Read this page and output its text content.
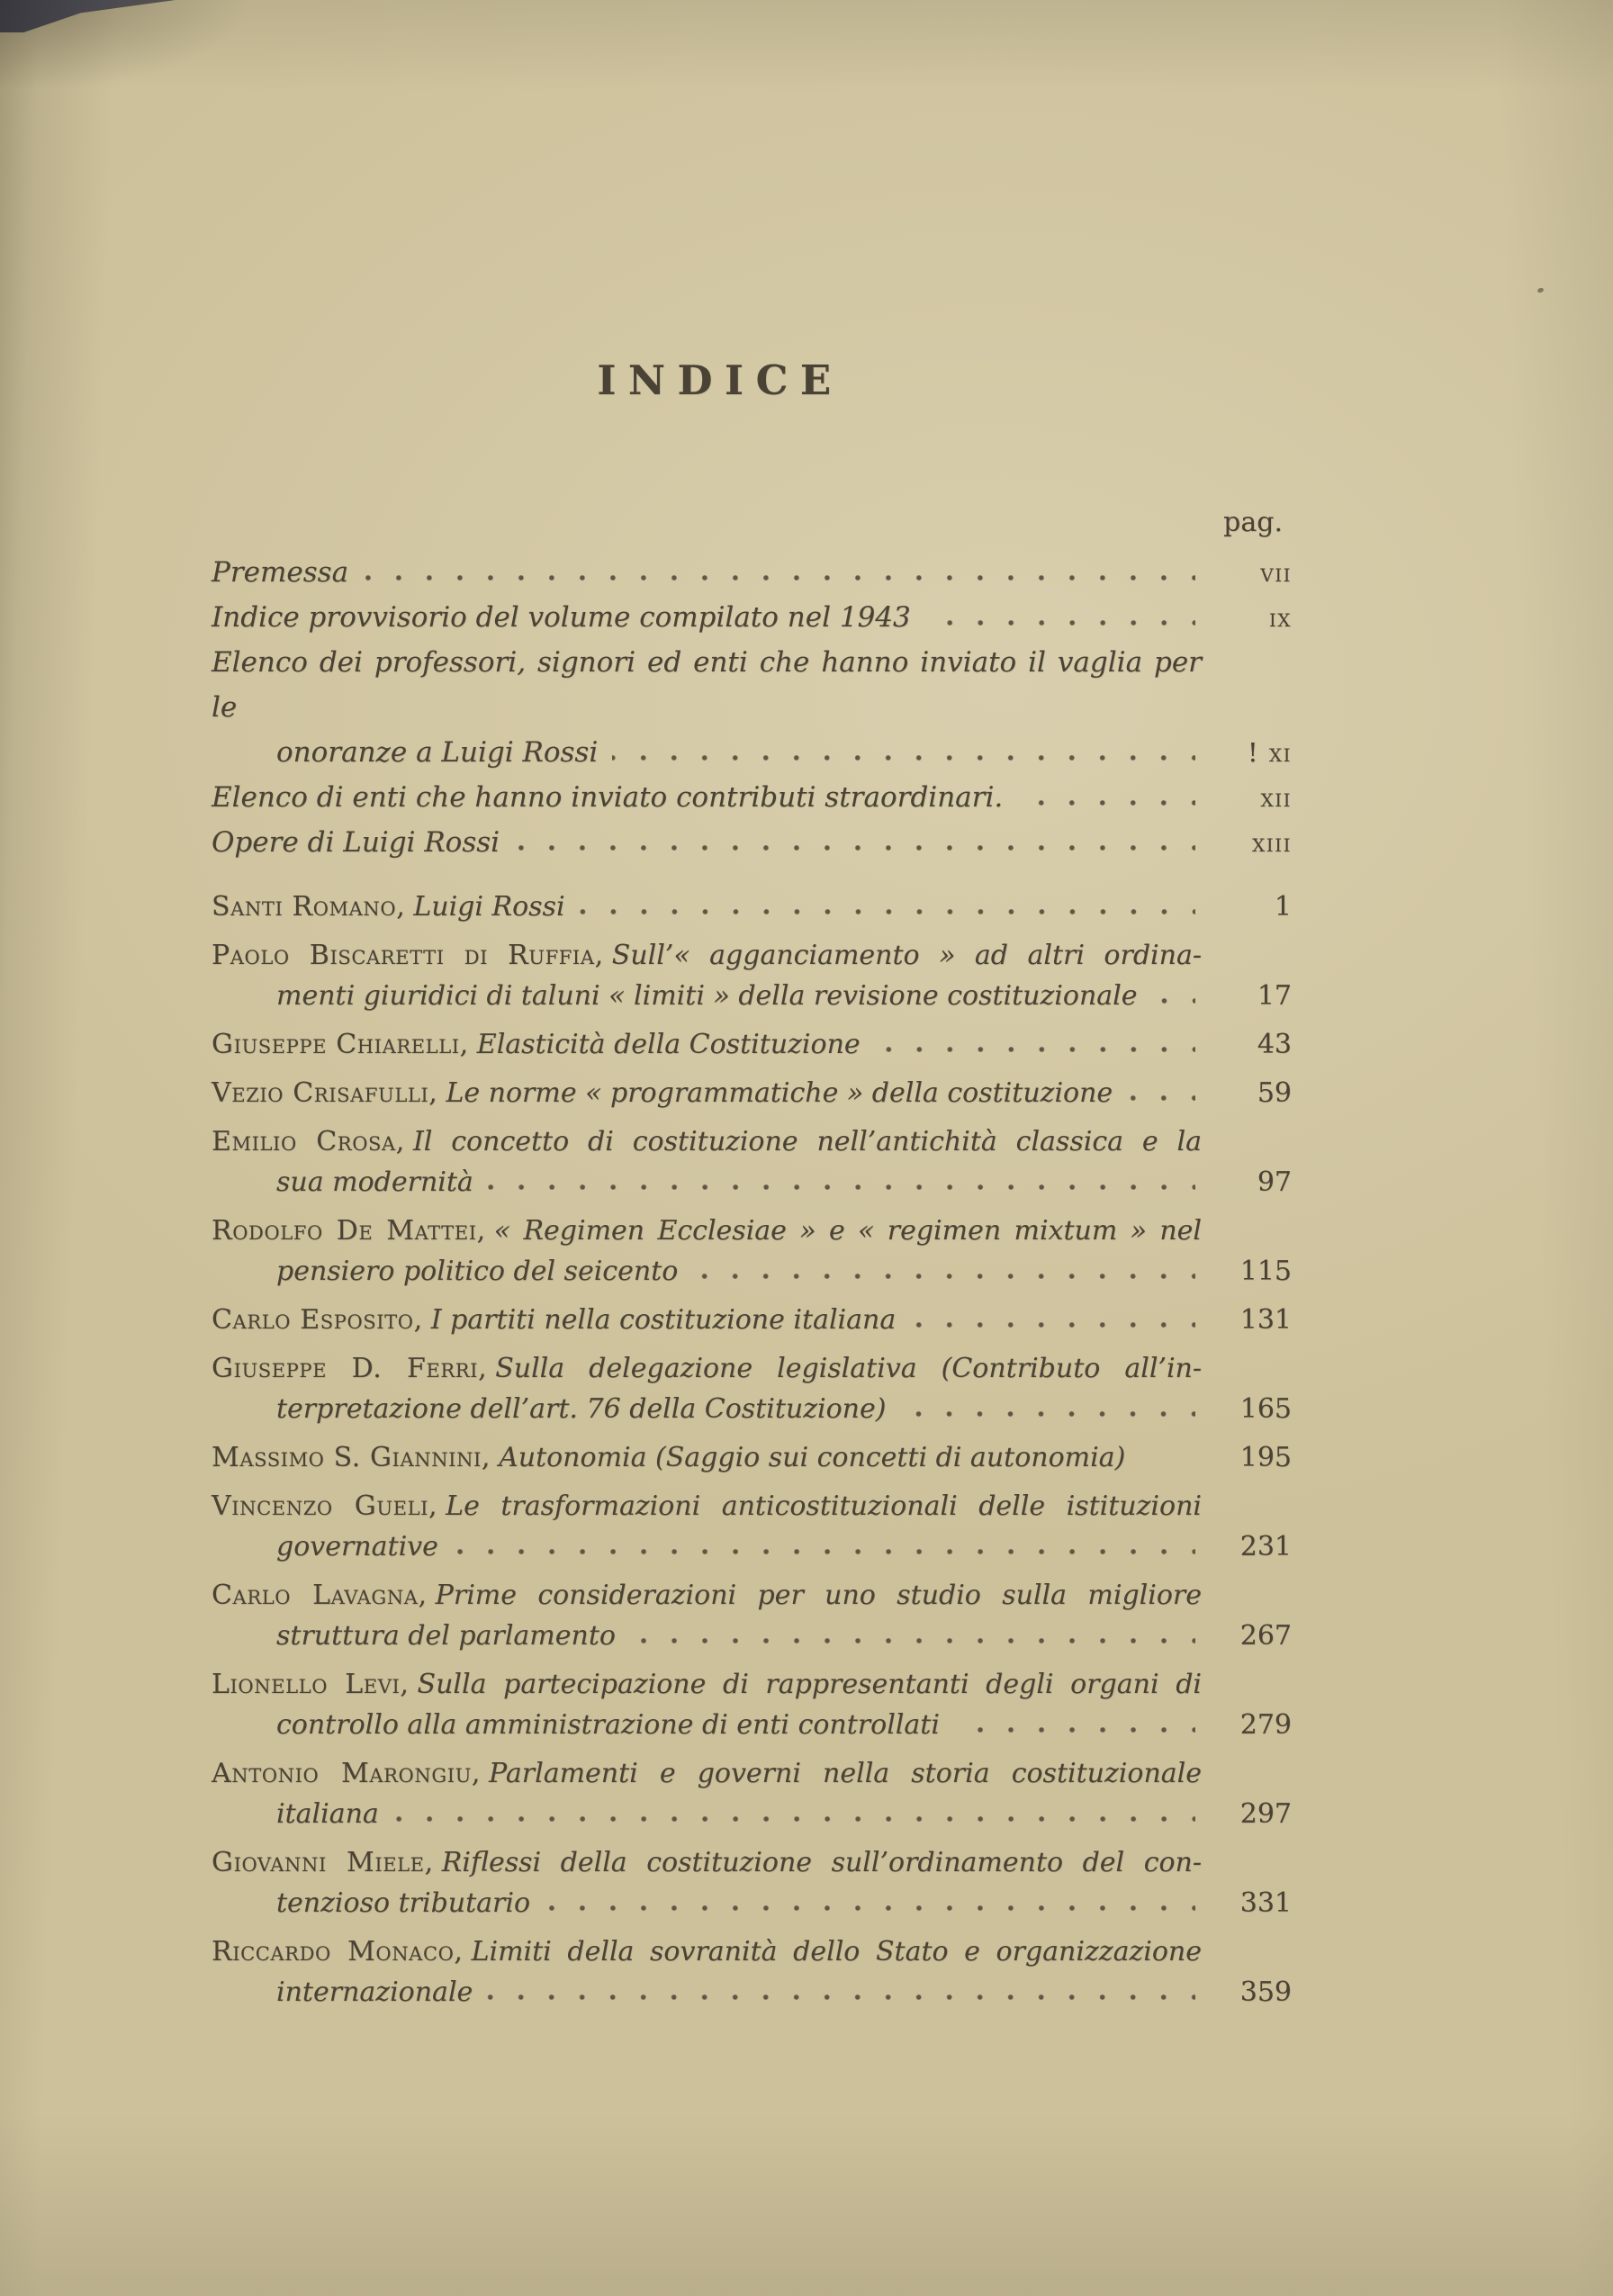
INDICE
pag.
Premessa	vii
Indice provvisorio del volume compilato nel 1943	ix

Elenco dei professori, signori ed enti che hanno inviato il vaglia per le

onoranze a Luigi Rossi	! xi
Elenco di enti che hanno inviato contributi straordinari.	xii
Opere di Luigi Rossi	xiii
Santi Romano, Luigi Rossi	1

Paolo Biscaretti di Ruffia, Sull’« agganciamento » ad altri ordina-

menti giuridici di taluni « limiti » della revisione costituzionale	17
Giuseppe Chiarelli, Elasticità della Costituzione	43
Vezio Crisafulli, Le norme « programmatiche » della costituzione	59

Emilio Crosa, Il concetto di costituzione nell’antichità classica e la

sua modernità	97

Rodolfo De Mattei, « Regimen Ecclesiae » e « regimen mixtum » nel

pensiero politico del seicento	115
Carlo Esposito, I partiti nella costituzione italiana	131

Giuseppe D. Ferri, Sulla delegazione legislativa (Contributo all’in-

terpretazione dell’art. 76 della Costituzione)	165
Massimo S. Giannini, Autonomia (Saggio sui concetti di autonomia)	195

Vincenzo Gueli, Le trasformazioni anticostituzionali delle istituzioni

governative	231

Carlo Lavagna, Prime considerazioni per uno studio sulla migliore

struttura del parlamento	267

Lionello Levi, Sulla partecipazione di rappresentanti degli organi di

controllo alla amministrazione di enti controllati	279

Antonio Marongiu, Parlamenti e governi nella storia costituzionale

italiana	297

Giovanni Miele, Riflessi della costituzione sull’ordinamento del con-

tenzioso tributario	331

Riccardo Monaco, Limiti della sovranità dello Stato e organizzazione

internazionale	359
